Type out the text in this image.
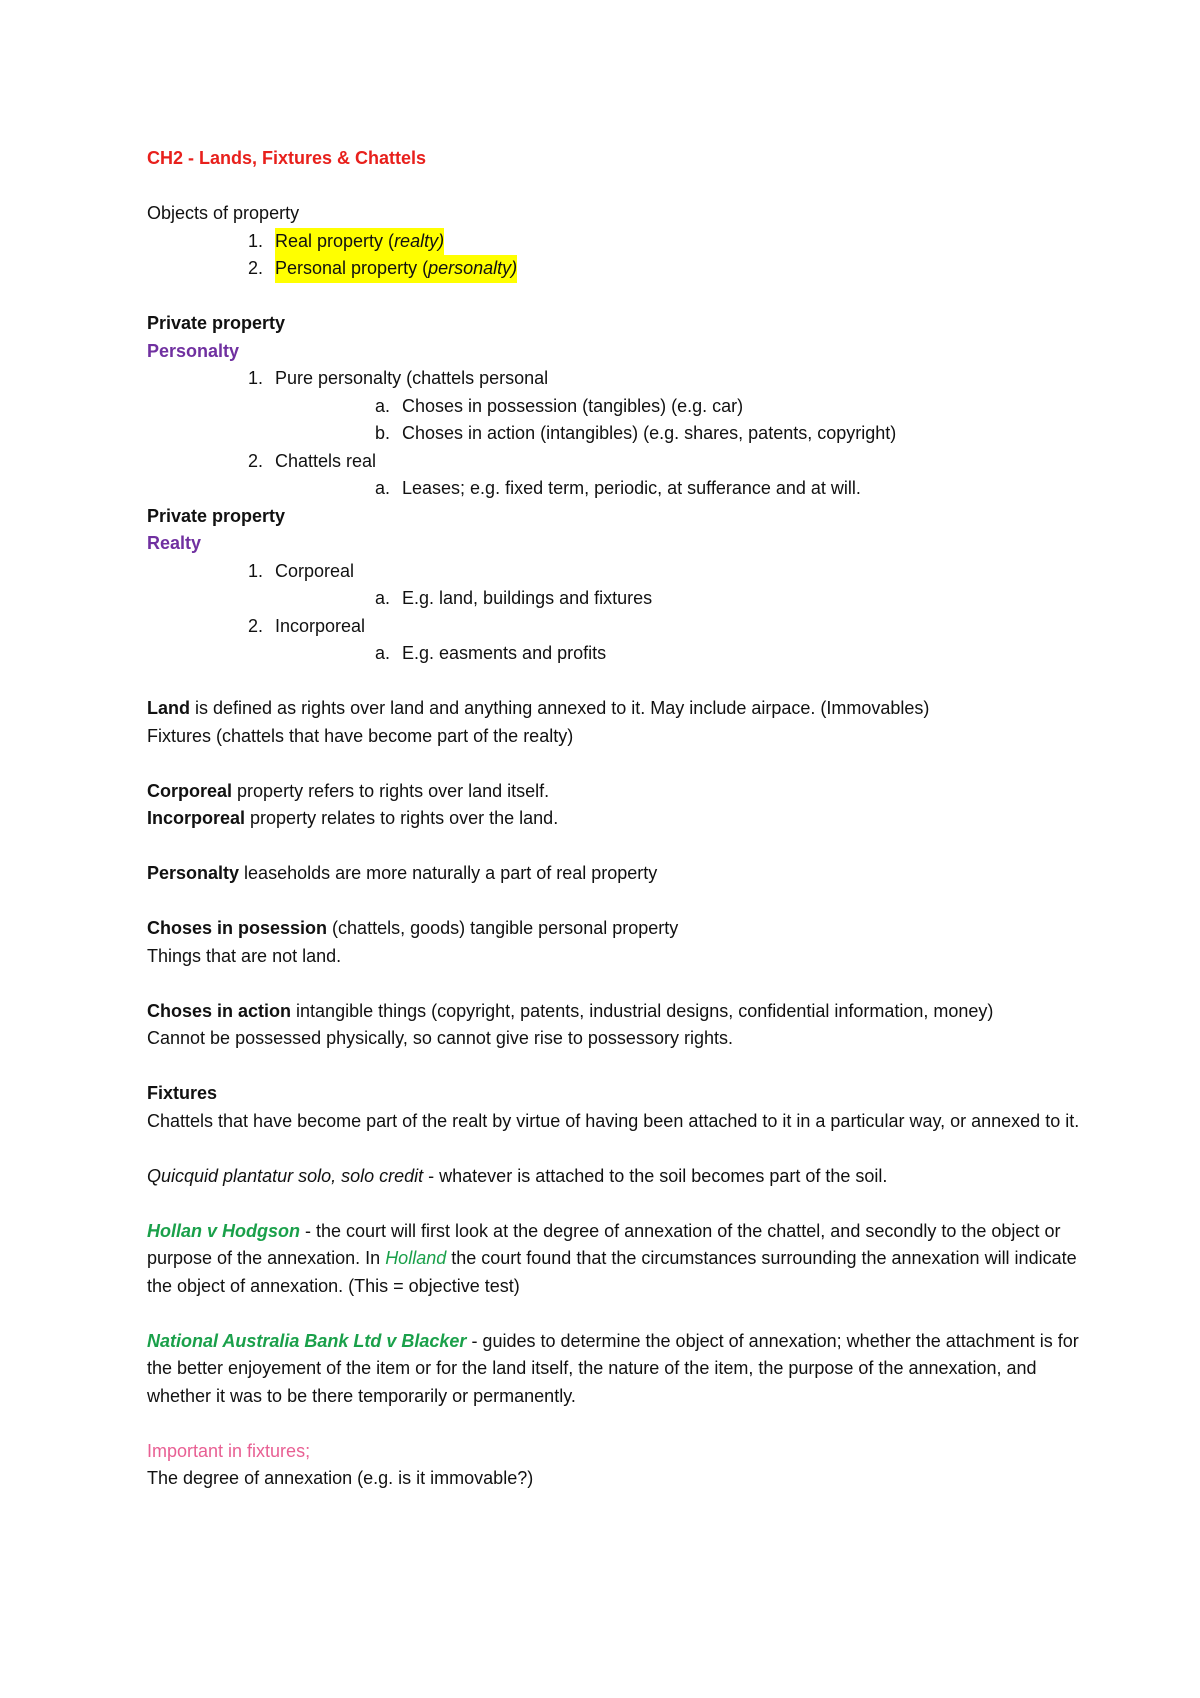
CH2 - Lands, Fixtures & Chattels

Objects of property

1. Real property (realty)
2. Personal property (personalty)

Private property

Personalty

1. Pure personalty (chattels personal
a. Choses in possession (tangibles) (e.g. car)
b. Choses in action (intangibles) (e.g. shares, patents, copyright)
2. Chattels real
a. Leases; e.g. fixed term, periodic, at sufferance and at will.

Private property

Realty

1. Corporeal
a. E.g. land, buildings and fixtures
2. Incorporeal
a. E.g. easments and profits

Land is defined as rights over land and anything annexed to it. May include airpace. (Immovables)

Fixtures (chattels that have become part of the realty)

Corporeal property refers to rights over land itself.

Incorporeal property relates to rights over the land.

Personalty leaseholds are more naturally a part of real property

Choses in posession (chattels, goods) tangible personal property

Things that are not land.

Choses in action intangible things (copyright, patents, industrial designs, confidential information, money)

Cannot be possessed physically, so cannot give rise to possessory rights.

Fixtures

Chattels that have become part of the realt by virtue of having been attached to it in a particular way, or annexed to it.

Quicquid plantatur solo, solo credit - whatever is attached to the soil becomes part of the soil.

Hollan v Hodgson - the court will first look at the degree of annexation of the chattel, and secondly to the object or purpose of the annexation. In Holland the court found that the circumstances surrounding the annexation will indicate the object of annexation. (This = objective test)

National Australia Bank Ltd v Blacker - guides to determine the object of annexation; whether the attachment is for the better enjoyement of the item or for the land itself, the nature of the item, the purpose of the annexation, and whether it was to be there temporarily or permanently.

Important in fixtures;

The degree of annexation (e.g. is it immovable?)
